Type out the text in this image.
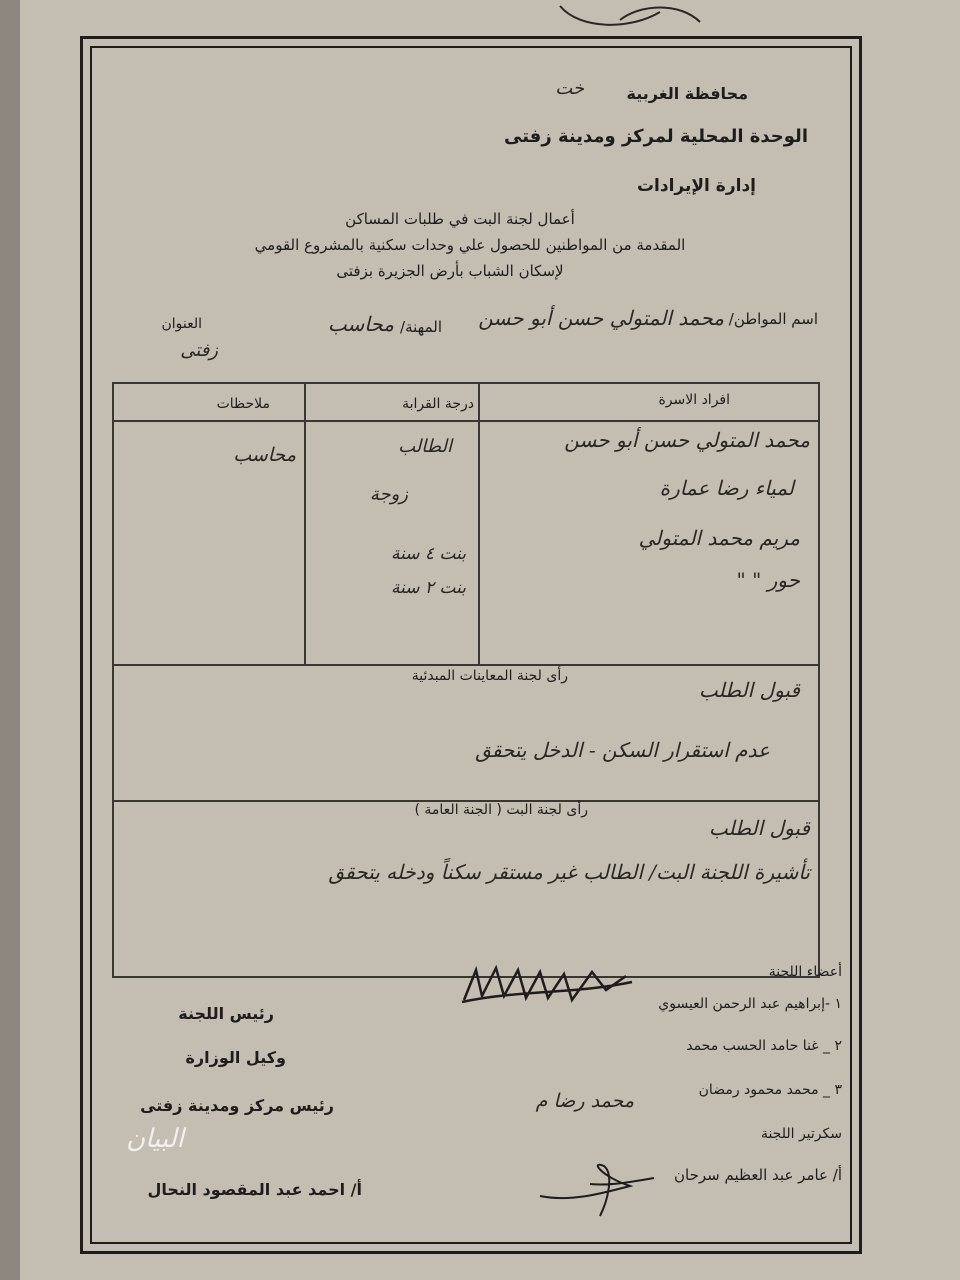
محافظة الغربية
خت
الوحدة المحلية لمركز ومدينة زفتى
إدارة الإيرادات
أعمال لجنة البت في طلبات المساكن
المقدمة من المواطنين للحصول علي وحدات سكنية بالمشروع القومي
لإسكان الشباب بأرض الجزيرة بزفتى
اسم المواطن/
محمد المتولي حسن أبو حسن
المهنة/
محاسب
العنوان
زفتى
افراد الاسرة
درجة القرابة
ملاحظات
محمد المتولي حسن أبو حسن
لمياء رضا عمارة
مريم محمد المتولي
حور " "
الطالب
زوجة
بنت ٤ سنة
بنت ٢ سنة
محاسب
رأى لجنة المعاينات المبدئية
قبول الطلب
عدم استقرار السكن - الدخل يتحقق
رأى لجنة البت ( الجنة العامة )
قبول الطلب
تأشيرة اللجنة البت/ الطالب غير مستقر سكناً ودخله يتحقق
أعضاء اللجنة
١ -إبراهيم عبد الرحمن العيسوي
٢ _ غنا حامد الحسب محمد
٣ _ محمد محمود رمضان
محمد رضا م
سكرتير اللجنة
أ/ عامر عبد العظيم سرحان
رئيس اللجنة
وكيل الوزارة
رئيس مركز ومدينة زفتى
أ/ احمد عبد المقصود النحال
البيان
